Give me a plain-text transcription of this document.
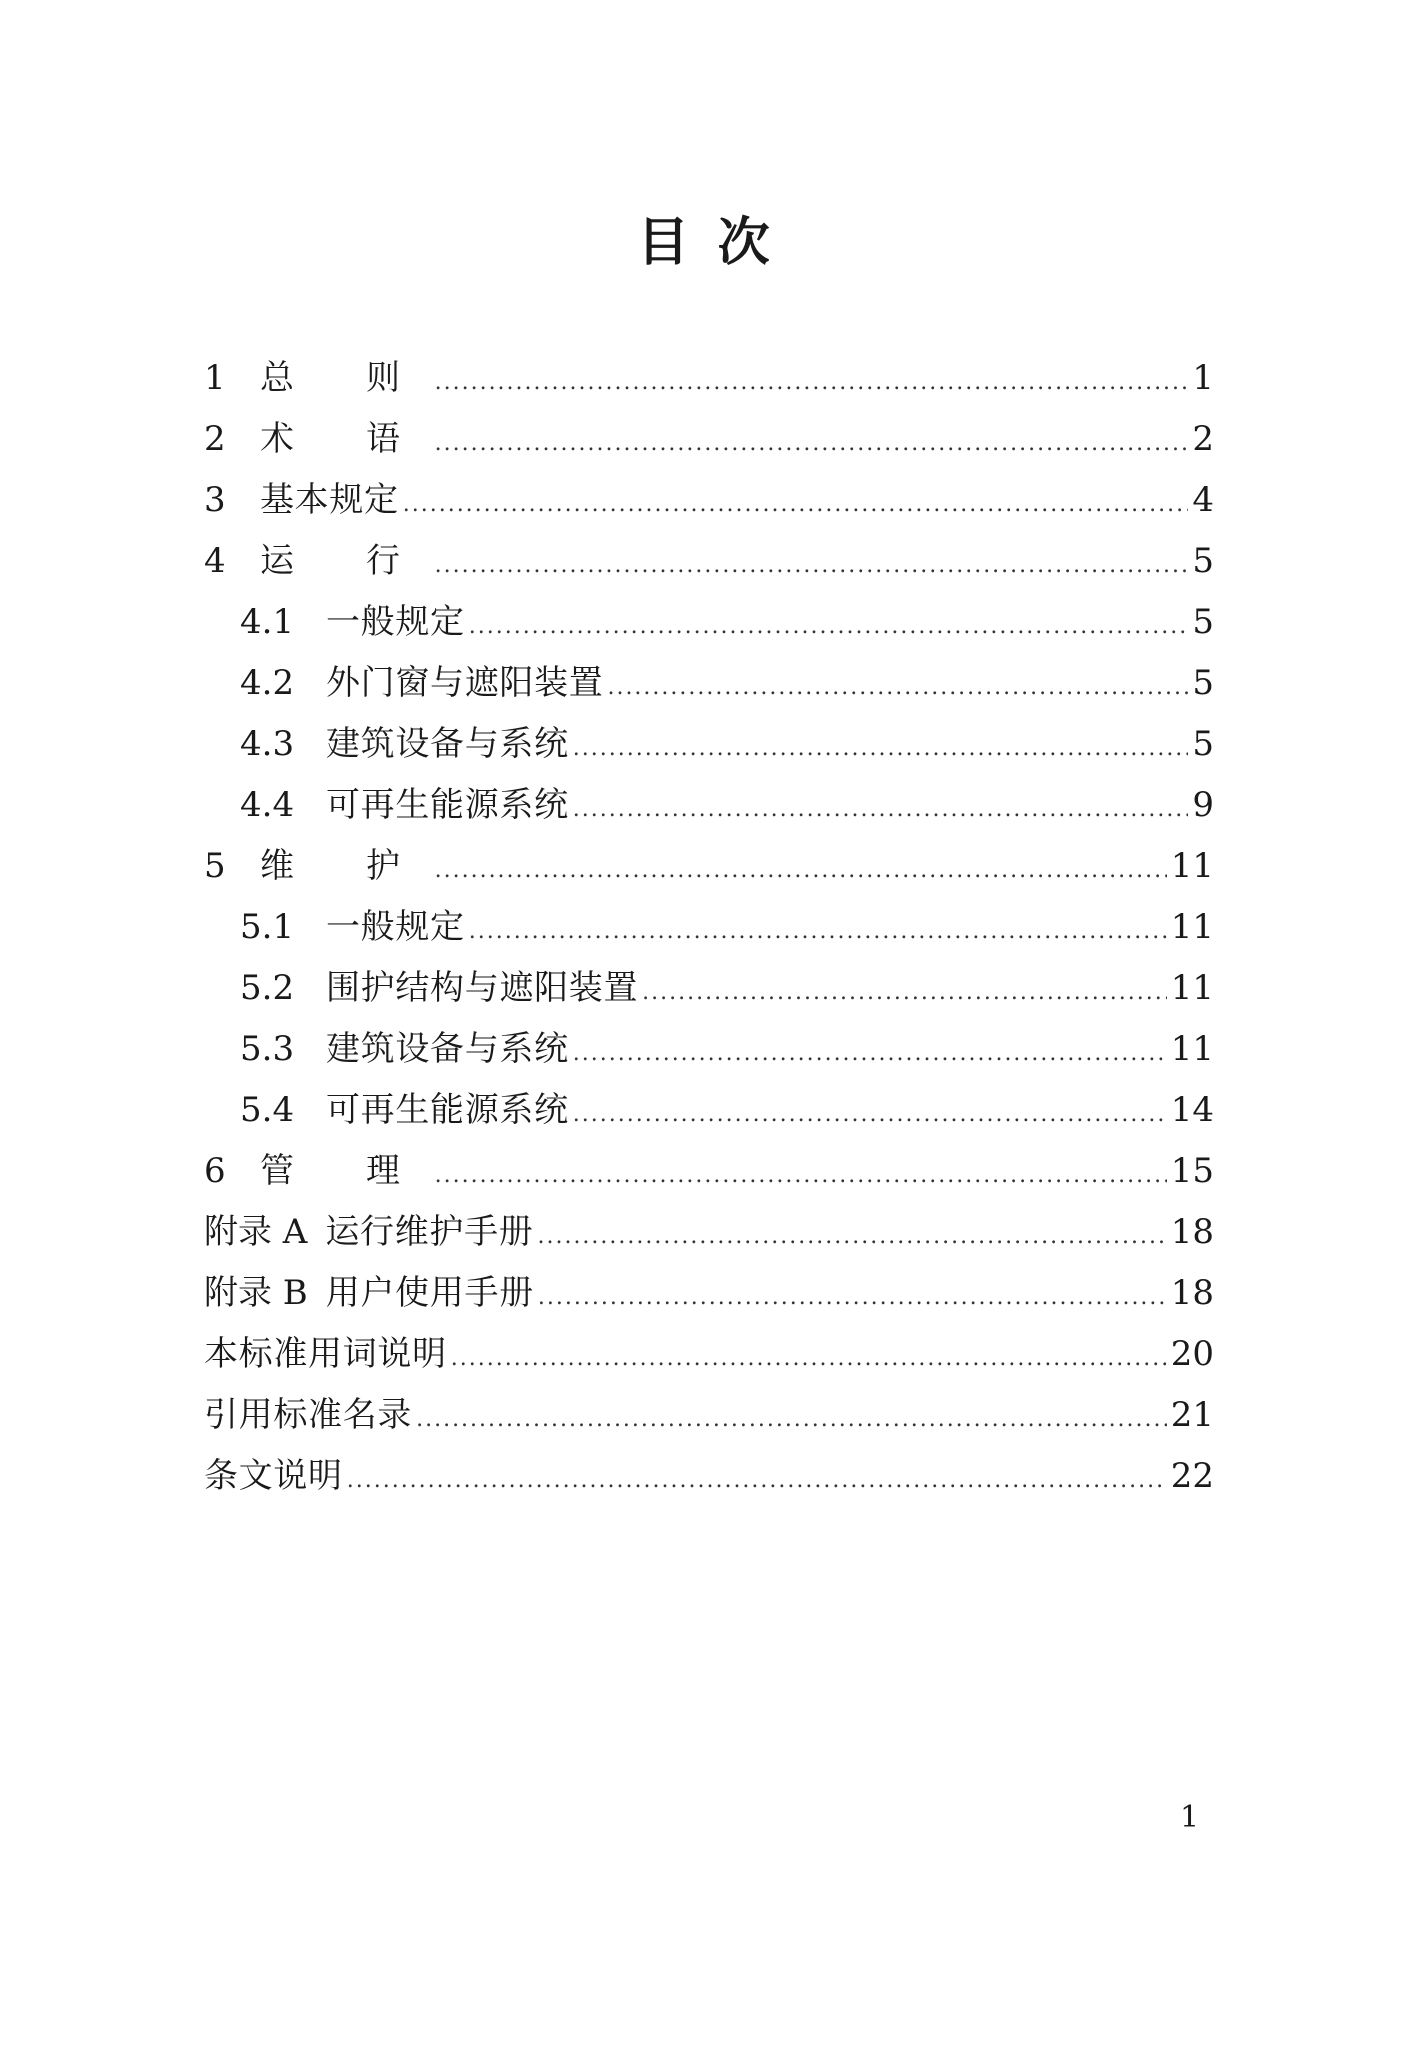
目 次
1	总 则 .....	1
2	术 语 .....	2
3	基本规定 .....	4
4	运 行 .....	5
4.1 一般规定 .....	5
4.2 外门窗与遮阳装置 .....	5
4.3 建筑设备与系统 .....	5
4.4 可再生能源系统 .....	9
5	维 护 .....	11
5.1 一般规定 .....	11
5.2 围护结构与遮阳装置 .....	11
5.3 建筑设备与系统 .....	11
5.4 可再生能源系统 .....	14
6	管 理 .....	15
附录 A 运行维护手册 .....	18
附录 B 用户使用手册 .....	18
本标准用词说明 .....	20
引用标准名录 .....	21
条文说明 .....	22
1
